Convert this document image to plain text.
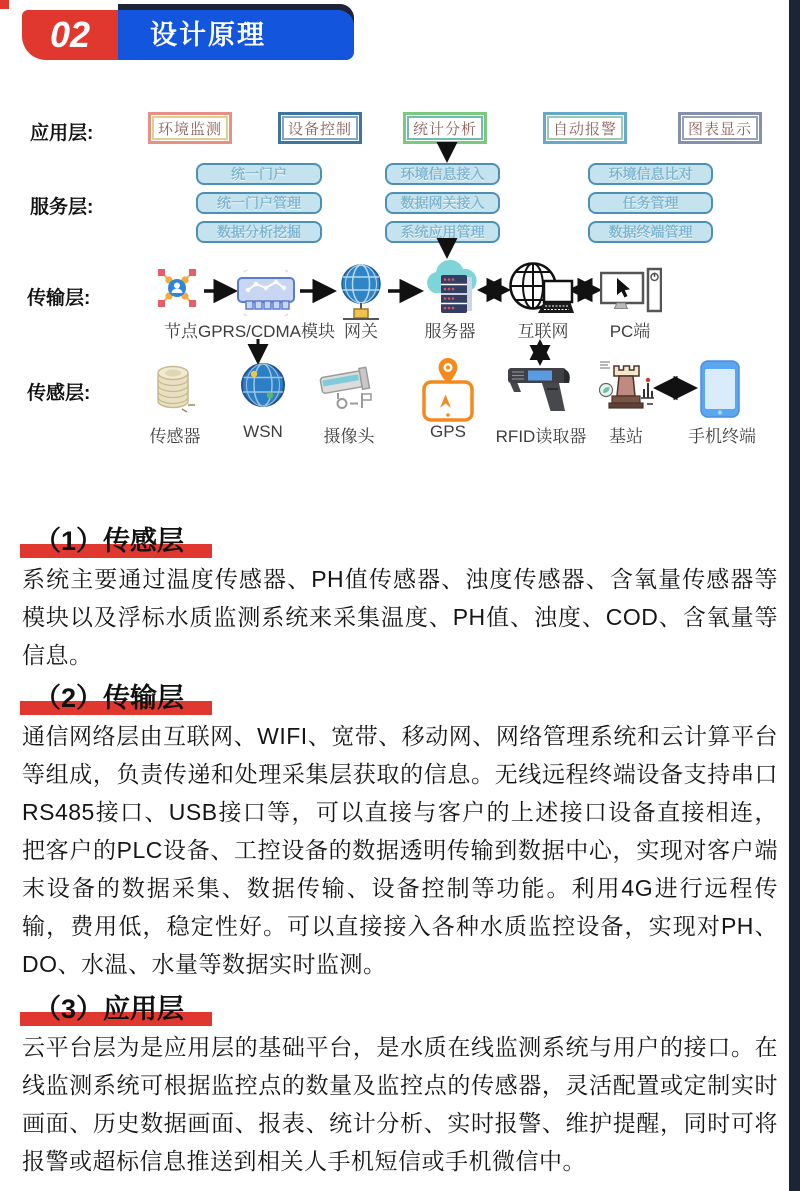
02	设计原理
应用层:
服务层:
传输层:
传感层:
环境监测	设备控制	统计分析	自动报警	图表显示
统一门户
统一门户管理
数据分析挖掘
环境信息接入
数据网关接入
系统应用管理
环境信息比对
任务管理
数据终端管理
节点 GPRS/CDMA模块 网关	服务器	互联网	PC端
传感器	WSN	摄像头	GPS	RFID读取器	基站	手机终端
（1）传感层

系统主要通过温度传感器、PH值传感器、浊度传感器、含氧量传感器等模块以及浮标水质监测系统来采集温度、PH值、浊度、COD、含氧量等信息。

（2）传输层

通信网络层由互联网、WIFI、宽带、移动网、网络管理系统和云计算平台等组成，负责传递和处理采集层获取的信息。无线远程终端设备支持串口RS485接口、USB接口等，可以直接与客户的上述接口设备直接相连，把客户的PLC设备、工控设备的数据透明传输到数据中心，实现对客户端末设备的数据采集、数据传输、设备控制等功能。利用4G进行远程传输，费用低，稳定性好。可以直接接入各种水质监控设备，实现对PH、DO、水温、水量等数据实时监测。

（3）应用层

云平台层为是应用层的基础平台，是水质在线监测系统与用户的接口。在线监测系统可根据监控点的数量及监控点的传感器，灵活配置或定制实时画面、历史数据画面、报表、统计分析、实时报警、维护提醒，同时可将报警或超标信息推送到相关人手机短信或手机微信中。
